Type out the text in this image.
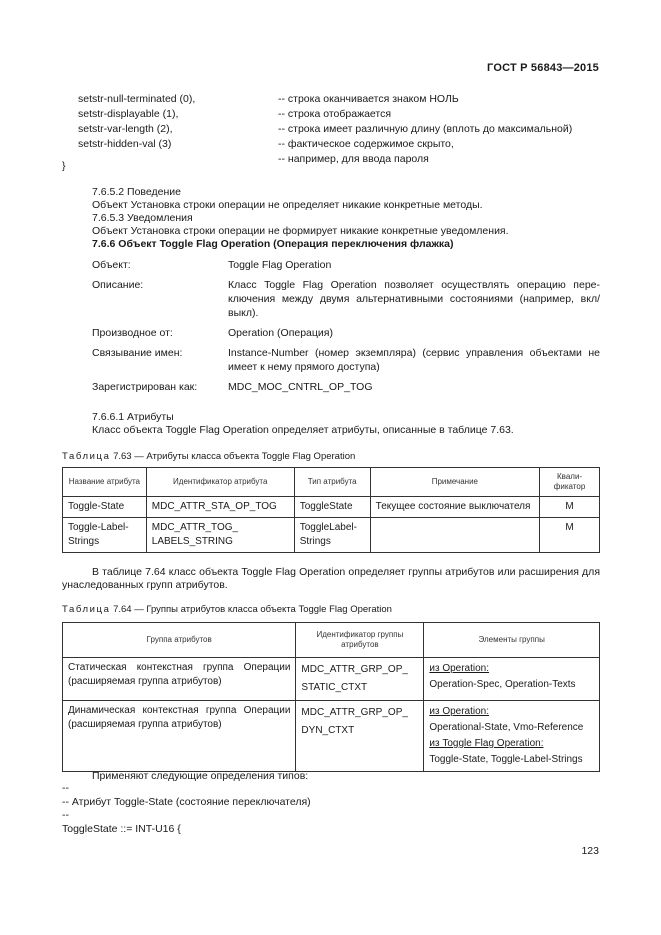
ГОСТ Р 56843—2015
setstr-null-terminated (0),	-- строка оканчивается знаком НОЛЬ
setstr-displayable (1),	-- строка отображается
setstr-var-length (2),	-- строка имеет различную длину (вплоть до максимальной)
setstr-hidden-val (3)	-- фактическое содержимое скрыто,
-- например, для ввода пароля
}
7.6.5.2 Поведение
Объект Установка строки операции не определяет никакие конкретные методы.
7.6.5.3 Уведомления
Объект Установка строки операции не формирует никакие конкретные уведомления.
7.6.6 Объект Toggle Flag Operation (Операция переключения флажка)
Объект:	Toggle Flag Operation
Описание:	Класс Toggle Flag Operation позволяет осуществлять операцию пере-ключения между двумя альтернативными состояниями (например, вкл/выкл).
Производное от:	Operation (Операция)
Связывание имен:	Instance-Number (номер экземпляра) (сервис управления объектами не имеет к нему прямого доступа)
Зарегистрирован как:	MDC_MOC_CNTRL_OP_TOG
7.6.6.1 Атрибуты
Класс объекта Toggle Flag Operation определяет атрибуты, описанные в таблице 7.63.
Таблица 7.63 — Атрибуты класса объекта Toggle Flag Operation
Название атрибута	Идентификатор атрибута	Тип атрибута	Примечание	Квали-фикатор
Toggle-State	MDC_ATTR_STA_OP_TOG	ToggleState	Текущее состояние выключателя	M
Toggle-Label-Strings	MDC_ATTR_TOG_ LABELS_STRING	ToggleLabel-Strings		M
В таблице 7.64 класс объекта Toggle Flag Operation определяет группы атрибутов или расширения для унаследованных групп атрибутов.
Таблица 7.64 — Группы атрибутов класса объекта Toggle Flag Operation
Группа атрибутов	Идентификатор группы атрибутов	Элементы группы
Статическая контекстная группа Операции (расширяемая группа атрибутов)	MDC_ATTR_GRP_OP_ STATIC_CTXT	из Operation:
Operation-Spec, Operation-Texts

Динамическая контекстная группа Операции (расширяемая группа атрибутов)	MDC_ATTR_GRP_OP_ DYN_CTXT	из Operation:
Operational-State, Vmo-Reference
из Toggle Flag Operation:
Toggle-State, Toggle-Label-Strings
Применяют следующие определения типов:
--
-- Атрибут Toggle-State (состояние переключателя)
--
ToggleState ::= INT-U16 {
123
